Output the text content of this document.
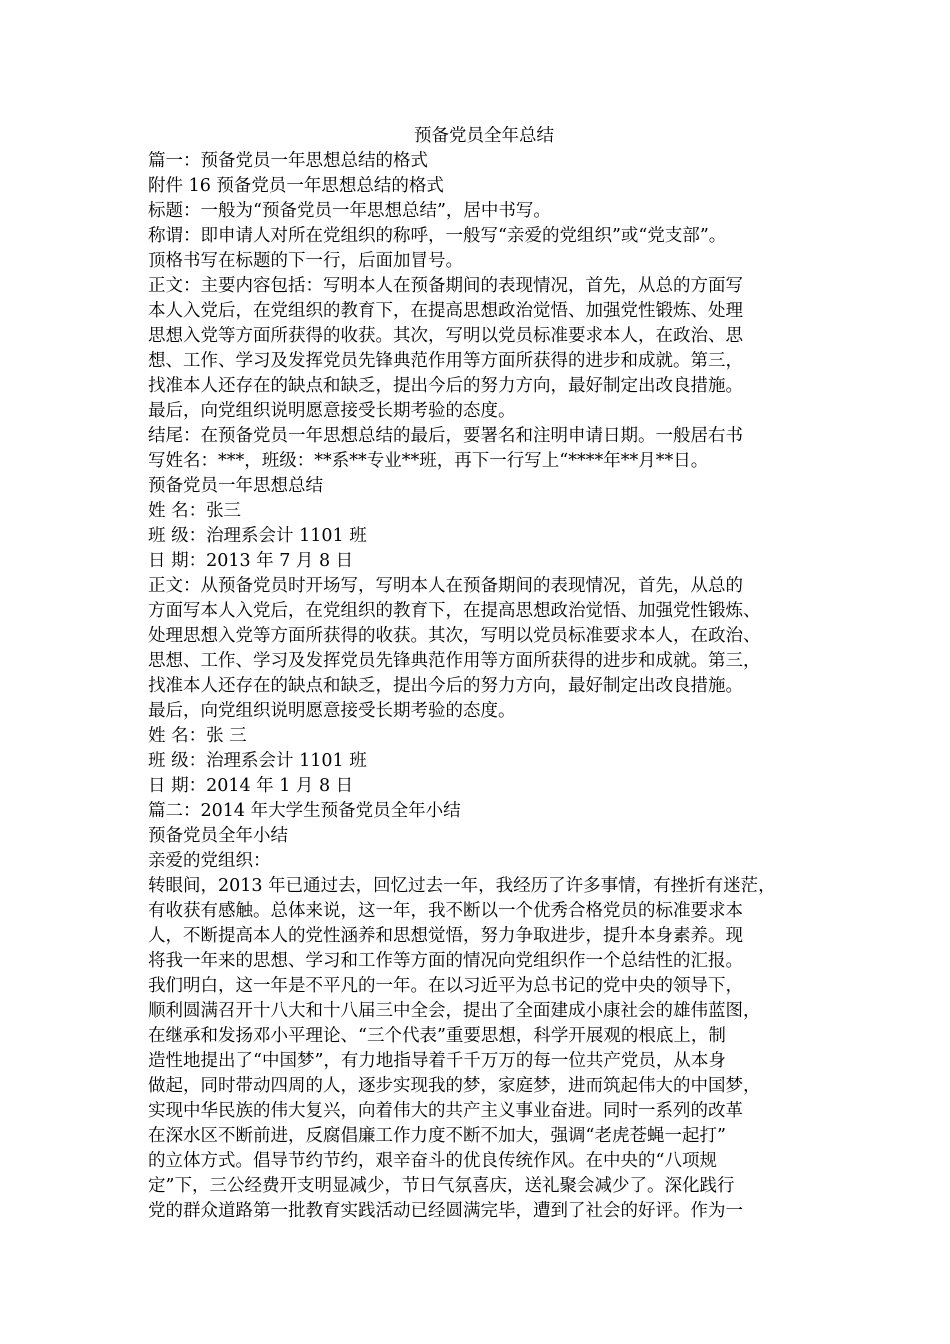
预备党员全年总结
篇一：预备党员一年思想总结的格式
附件 16 预备党员一年思想总结的格式
标题：一般为“预备党员一年思想总结”，居中书写。
称谓：即申请人对所在党组织的称呼，一般写“亲爱的党组织”或“党支部”。
顶格书写在标题的下一行，后面加冒号。
正文：主要内容包括：写明本人在预备期间的表现情况，首先，从总的方面写
本人入党后，在党组织的教育下，在提高思想政治觉悟、加强党性锻炼、处理
思想入党等方面所获得的收获。其次，写明以党员标准要求本人，在政治、思
想、工作、学习及发挥党员先锋典范作用等方面所获得的进步和成就。第三，
找准本人还存在的缺点和缺乏，提出今后的努力方向，最好制定出改良措施。
最后，向党组织说明愿意接受长期考验的态度。
结尾：在预备党员一年思想总结的最后，要署名和注明申请日期。一般居右书
写姓名：***，班级：**系**专业**班，再下一行写上“****年**月**日。
预备党员一年思想总结
姓 名：张三
班 级：治理系会计 1101 班
日 期：2013 年 7 月 8 日
正文：从预备党员时开场写，写明本人在预备期间的表现情况，首先，从总的
方面写本人入党后，在党组织的教育下，在提高思想政治觉悟、加强党性锻炼、
处理思想入党等方面所获得的收获。其次，写明以党员标准要求本人，在政治、
思想、工作、学习及发挥党员先锋典范作用等方面所获得的进步和成就。第三，
找准本人还存在的缺点和缺乏，提出今后的努力方向，最好制定出改良措施。
最后，向党组织说明愿意接受长期考验的态度。
姓 名：张 三
班 级：治理系会计 1101 班
日 期：2014 年 1 月 8 日
篇二：2014 年大学生预备党员全年小结
预备党员全年小结
亲爱的党组织：
转眼间，2013 年已通过去，回忆过去一年，我经历了许多事情，有挫折有迷茫，
有收获有感触。总体来说，这一年，我不断以一个优秀合格党员的标准要求本
人，不断提高本人的党性涵养和思想觉悟，努力争取进步，提升本身素养。现
将我一年来的思想、学习和工作等方面的情况向党组织作一个总结性的汇报。
我们明白，这一年是不平凡的一年。在以习近平为总书记的党中央的领导下，
顺利圆满召开十八大和十八届三中全会，提出了全面建成小康社会的雄伟蓝图，
在继承和发扬邓小平理论、“三个代表”重要思想，科学开展观的根底上，制
造性地提出了“中国梦”，有力地指导着千千万万的每一位共产党员，从本身
做起，同时带动四周的人，逐步实现我的梦，家庭梦，进而筑起伟大的中国梦，
实现中华民族的伟大复兴，向着伟大的共产主义事业奋进。同时一系列的改革
在深水区不断前进，反腐倡廉工作力度不断不加大，强调“老虎苍蝇一起打”
的立体方式。倡导节约节约，艰辛奋斗的优良传统作风。在中央的“八项规
定”下，三公经费开支明显减少，节日气氛喜庆，送礼聚会减少了。深化践行
党的群众道路第一批教育实践活动已经圆满完毕，遭到了社会的好评。作为一
